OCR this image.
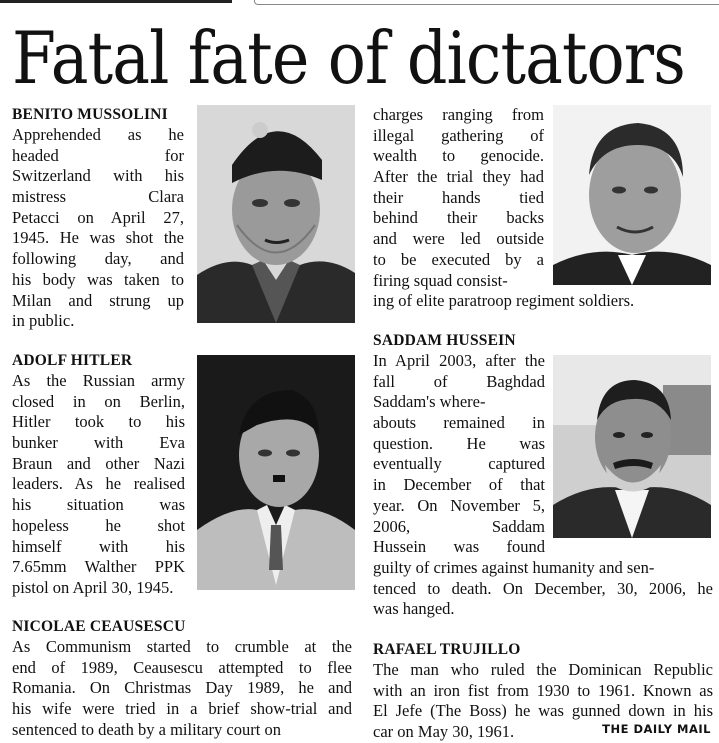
Fatal fate of dictators
BENITO MUSSOLINI
Apprehended as he
headed for
Switzerland with his
mistress Clara
Petacci on April 27,
1945. He was shot the
following day, and
his body was taken to
Milan and strung up
in public.
ADOLF HITLER
As the Russian army
closed in on Berlin,
Hitler took to his
bunker with Eva
Braun and other Nazi
leaders. As he realised
his situation was
hopeless he shot
himself with his
7.65mm Walther PPK
pistol on April 30, 1945.
NICOLAE CEAUSESCU
As Communism started to crumble at the
end of 1989, Ceausescu attempted to flee
Romania. On Christmas Day 1989, he and
his wife were tried in a brief show-trial and
sentenced to death by a military court on
charges ranging from
illegal gathering of
wealth to genocide.
After the trial they had
their hands tied
behind their backs
and were led outside
to be executed by a
firing squad consist-
ing of elite paratroop regiment soldiers.
SADDAM HUSSEIN
In April 2003, after the
fall of Baghdad
Saddam's where-
abouts remained in
question. He was
eventually captured
in December of that
year. On November 5,
2006, Saddam
Hussein was found
guilty of crimes against humanity and sen-
tenced to death. On December, 30, 2006, he
was hanged.
RAFAEL TRUJILLO
The man who ruled the Dominican Republic
with an iron fist from 1930 to 1961. Known as
El Jefe (The Boss) he was gunned down in his
car on May 30, 1961.	THE DAILY MAIL
